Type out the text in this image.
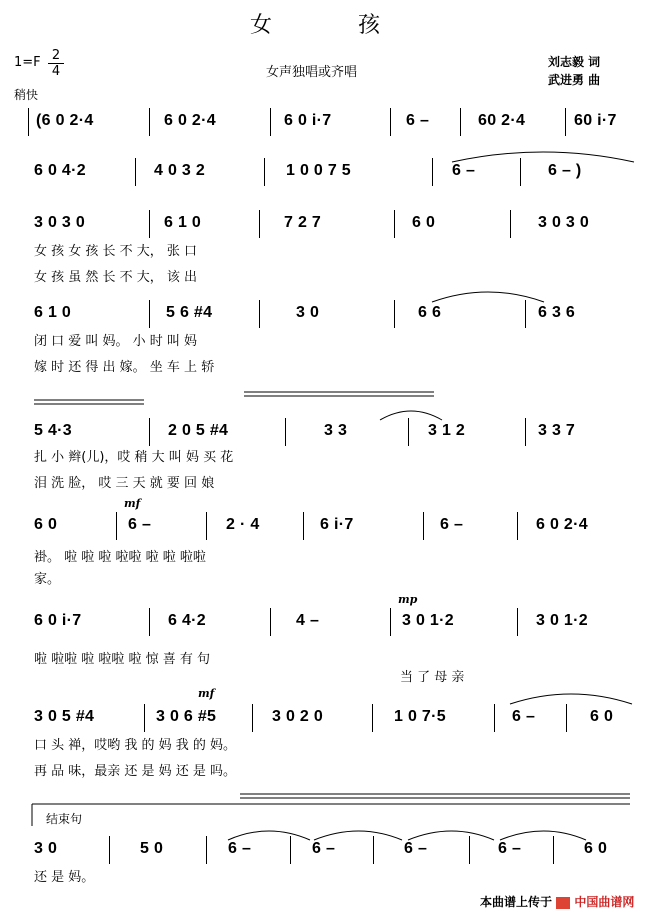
女	孩
1=F 2
4
稍快
女声独唱或齐唱
刘志毅 词
武进勇 曲
(6 0 2·4	6 0 2·4	6 0 i·7	6 –	60 2·4	60 i·7
6 0 4·2	4 0 3 2	1 0 0 7 5	6 –	6 – )
3 0 3 0	6 1 0	7 2 7	6 0	3 0 3 0
女 孩 女 孩 长 不 大， 张 口
女 孩 虽 然 长 不 大， 该 出
6 1 0	5 6 #4	3 0	6 6	6 3 6
闭 口 爱 叫 妈。 小 时 叫 妈
嫁 时 还 得 出 嫁。 坐 车 上 轿
5 4·3	2 0 5 #4	3 3	3 1 2	3 3 7
扎 小 辫(儿)，哎 稍 大 叫 妈 买 花
泪 洗 脸， 哎 三 天 就 要 回 娘
mf
6 0	6 –	2 · 4	6 i·7	6 –	6 0 2·4
褂。 啦 啦 啦 啦啦 啦 啦 啦啦
家。
mp
6 0 i·7	6 4·2	4 –	3 0 1·2	3 0 1·2
啦 啦啦 啦 啦啦 啦 惊 喜 有 句
当 了 母 亲
mf
3 0 5 #4	3 0 6 #5	3 0 2 0	1 0 7·5	6 –	6 0
口 头 禅，哎哟 我 的 妈 我 的 妈。
再 品 味，最亲 还 是 妈 还 是 吗。
结束句
3 0	5 0	6 –	6 –	6 –	6 –	6 0
还 是 妈。
本曲谱上传于 中国曲谱网
